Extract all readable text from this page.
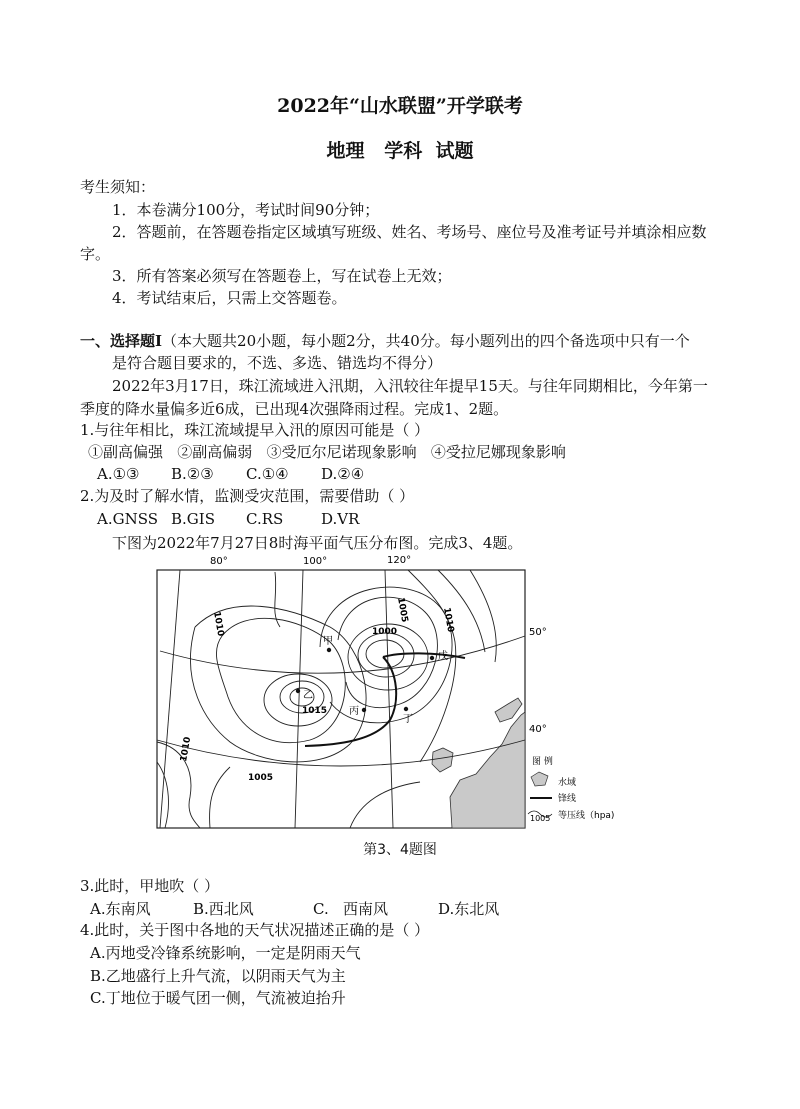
2022年“山水联盟”开学联考
地理   学科  试题
考生须知：
1．本卷满分100分，考试时间90分钟；
2．答题前，在答题卷指定区域填写班级、姓名、考场号、座位号及准考证号并填涂相应数
字。
3．所有答案必须写在答题卷上，写在试卷上无效；
4．考试结束后，只需上交答题卷。
一、选择题Ⅰ（本大题共20小题，每小题2分，共40分。每小题列出的四个备选项中只有一个
是符合题目要求的，不选、多选、错选均不得分）
2022年3月17日，珠江流域进入汛期，入汛较往年提早15天。与往年同期相比，今年第一
季度的降水量偏多近6成，已出现4次强降雨过程。完成1、2题。
1.与往年相比，珠江流域提早入汛的原因可能是（ ）
①副高偏强   ②副高偏弱   ③受厄尔尼诺现象影响   ④受拉尼娜现象影响
A.①③ B.②③ C.①④ D.②④
2.为及时了解水情，监测受灾范围，需要借助（ ）
A.GNSS B.GIS C.RS	D.VR
下图为2022年7月27日8时海平面气压分布图。完成3、4题。
80°	100°	120°
50°
40°
1010
1005
1010
1000
1015
1010
1005
甲
乙
丙
丁
戊
图 例
水域
锋线
1005 等压线（hpa)
第3、4题图
3.此时，甲地吹（ ）
A.东南风	B.西北风	C.   西南风	D.东北风
4.此时，关于图中各地的天气状况描述正确的是（ ）
A.丙地受冷锋系统影响，一定是阴雨天气
B.乙地盛行上升气流，以阴雨天气为主
C.丁地位于暖气团一侧，气流被迫抬升
